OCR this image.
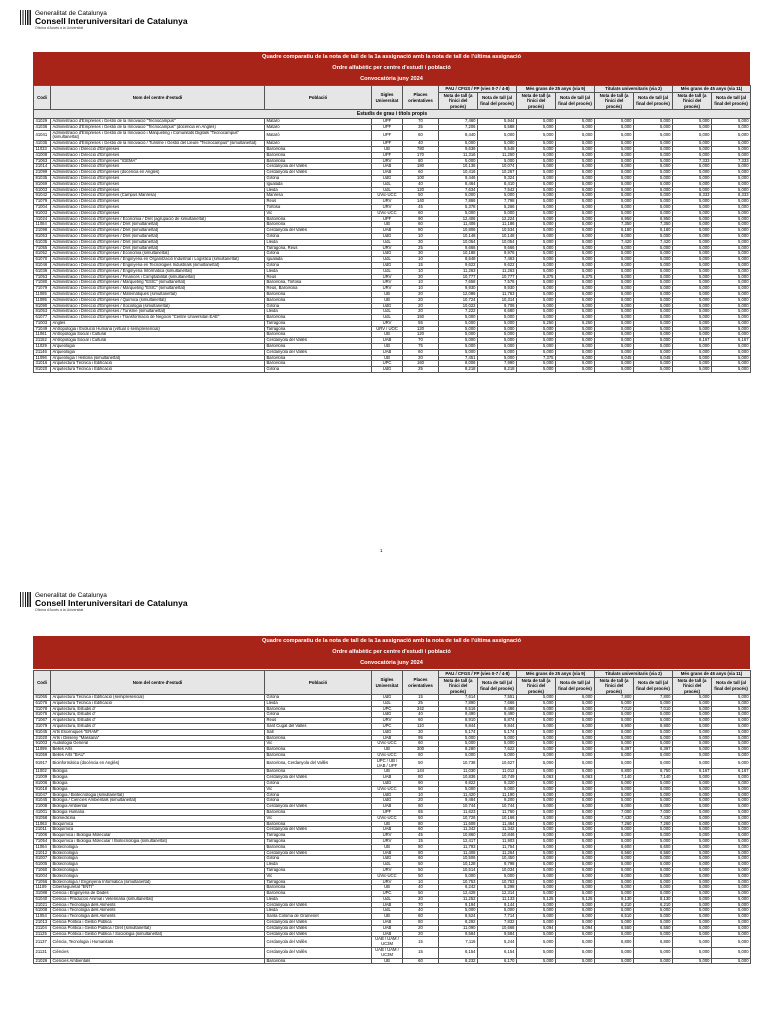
Generalitat de Catalunya
Consell Interuniversitari de Catalunya
Oficina d'Accés a la Universitat
Quadre comparatiu de la nota de tall de la 1a assignació amb la nota de tall de l'última assignació
Ordre alfabètic per centre d'estudi i població
Convocatòria juny 2024
Codi	Nom del centre d'estudi	Població	Sigles Universitat	Places orientatives	PAU / CFGS / FP (vies 0-7 / 4-8)		Més grans de 25 anys (via 9)		Titulats universitaris (via 2)		Més grans de 45 anys (via 11)	
					Nota de tall (a l'inici del procés)	Nota de tall (al final del procés)	Nota de tall (a l'inici del procés)	Nota de tall (al final del procés)	Nota de tall (a l'inici del procés)	Nota de tall (al final del procés)	Nota de tall (a l'inici del procés)	Nota de tall (al final del procés)
Estudis de grau i títols propis												
41029	Administració d'Empreses i Gestió de la Innovació "Tecnocampus"	Mataró	UPF	70	7,460	5,944	5,000	5,000	5,000	5,000	5,000	5,000
41036	Administració d'Empreses i Gestió de la Innovació "Tecnocampus" (docència en Anglès)	Mataró	UPF	35	7,206	5,588	5,000	5,000	5,000	5,000	5,000	5,000
41041	Administració d'Empreses i Gestió de la Innovació i Màrqueting i Comunitats Digitals "Tecnocampus" (simultaneïtat)	Mataró	UPF	60	8,440	5,000	5,000	5,000	5,000	5,000	5,000	5,000
41035	Administració d'Empreses i Gestió de la Innovació / Turisme i Gestió del Lleure "Tecnocampus" (simultaneïtat)	Mataró	UPF	40	5,000	5,000	5,000	5,000	5,000	5,000	5,000	5,000
11033	Administració i Direcció d'Empreses	Barcelona	UB	780	9,636	9,548	5,000	5,000	5,000	5,000	5,000	5,000
41008	Administració i Direcció d'Empreses	Barcelona	UPF	170	11,316	11,250	5,000	5,000	5,000	5,000	5,000	5,000
71063	Administració i Direcció d'Empreses "IGEMA"	Barcelona	URV	80	5,000	5,000	5,000	5,000	5,000	5,000	7,333	7,333
21014	Administració i Direcció d'Empreses	Cerdanyola del Vallès	UAB	180	10,136	10,074	5,000	5,000	5,000	5,000	5,000	5,000
21099	Administració i Direcció d'Empreses (docència en Anglès)	Cerdanyola del Vallès	UAB	60	10,416	10,267	5,000	5,000	5,000	5,000	5,000	5,000
81035	Administració i Direcció d'Empreses	Girona	UdG	100	9,446	9,324	5,000	5,000	5,000	5,000	5,000	5,000
81069	Administració i Direcció d'Empreses	Igualada	UdL	40	8,464	8,410	5,000	5,000	5,000	5,000	5,000	5,000
61003	Administració i Direcció d'Empreses	Lleida	UdL	120	7,634	7,542	5,000	5,000	5,000	5,000	5,000	5,000
91042	Administració i Direcció d'Empreses (Campus Manresa)	Manresa	UVic-UCC	50	5,000	5,000	5,000	5,000	5,000	5,000	8,333	8,333
71079	Administració i Direcció d'Empreses	Reus	URV	140	7,866	7,798	5,000	5,000	5,000	5,000	5,000	5,000
71004	Administració i Direcció d'Empreses	Tortosa	URV	45	5,378	5,266	5,000	5,000	5,000	5,000	5,000	5,000
91003	Administració i Direcció d'Empreses	Vic	UVic-UCC	60	5,000	5,000	5,000	5,000	5,000	5,000	5,000	5,000
41024	Administració i Direcció d'Empreses / Economia / Dret (agrupació de simultaneïtat)	Barcelona	UPF	90	12,406	12,224	5,000	5,000	6,950	6,950	5,000	5,000
11084	Administració i Direcció d'Empreses / Dret (simultaneïtat)	Barcelona	UB	60	11,406	11,186	5,000	5,000	7,350	7,350	5,000	5,000
21098	Administració i Direcció d'Empreses / Dret (simultaneïtat)	Cerdanyola del Vallès	UAB	80	10,806	10,534	5,000	5,000	6,180	6,180	5,000	5,000
81053	Administració i Direcció d'Empreses / Dret (simultaneïtat)	Girona	UdG	10	10,148	10,148	5,000	5,000	5,000	5,000	5,000	5,000
61035	Administració i Direcció d'Empreses / Dret (simultaneïtat)	Lleida	UdL	30	10,054	10,054	5,000	5,000	7,420	7,420	5,000	5,000
71055	Administració i Direcció d'Empreses / Dret (simultaneïtat)	Tarragona, Reus	URV	25	9,666	9,666	5,000	5,000	5,000	5,000	5,000	5,000
81052	Administració i Direcció d'Empreses / Economia (simultaneïtat)	Girona	UdG	30	10,188	9,976	5,000	5,000	5,000	5,000	5,000	5,000
61070	Administració i Direcció d'Empreses / Enginyeria en Organització Industrial i Logística (simultaneïtat)	Igualada	UdL	10	8,648	7,463	5,000	5,000	5,000	5,000	5,000	5,000
81046	Administració i Direcció d'Empreses / Enginyeria en Tecnologies Industrials (simultaneïtat)	Girona	UdG	15	9,622	9,622	5,000	5,000	5,000	5,000	5,000	5,000
61036	Administració i Direcció d'Empreses / Enginyeria Informàtica (simultaneïtat)	Lleida	UdL	10	11,263	11,263	5,000	5,000	5,000	5,000	5,000	5,000
71053	Administració i Direcció d'Empreses / Finances i Comptabilitat (simultaneïtat)	Reus	URV	30	10,777	10,777	5,375	5,375	5,000	5,000	5,000	5,000
71080	Administració i Direcció d'Empreses / Màrqueting "ESIC" (simultaneïtat)	Barcelona, Tortosa	URV	10	7,658	7,576	5,000	5,000	5,000	5,000	5,000	5,000
71079	Administració i Direcció d'Empreses / Màrqueting "ESIC" (simultaneïtat)	Reus, Barcelona	URV	10	9,930	9,930	5,000	5,000	5,000	5,000	5,000	5,000
11085	Administració i Direcció d'Empreses / Matemàtiques (simultaneïtat)	Barcelona	UB	20	12,086	11,763	5,000	5,000	5,000	5,000	5,000	5,000
11095	Administració i Direcció d'Empreses / Química (simultaneïtat)	Barcelona	UB	20	10,724	10,314	5,000	5,000	5,000	5,000	5,000	5,000
81090	Administració i Direcció d'Empreses / Sociologia (simultaneïtat)	Girona	UdG	20	10,022	9,706	5,000	5,000	5,000	5,000	5,000	5,000
81053	Administració i Direcció d'Empreses / Turisme (simultaneïtat)	Lleida	UdL	20	7,222	6,680	5,000	5,000	5,000	5,000	5,000	5,000
61077	Administració i Direcció d'Empreses i Transformació de Negocis "Centre Universitari EAE"	Barcelona	UdL	150	5,000	5,000	5,000	5,000	5,000	5,000	5,000	5,000
71003	Anglès	Tarragona	URV	55	5,000	5,000	5,250	5,250	5,000	5,000	5,000	5,000
71049	Antropologia i Evolució Humana (virtual o semipresencial)	Tarragona	URV / UOC	120	5,000	5,000	5,000	5,000	5,000	5,000	5,000	5,000
11061	Antropologia Social i Cultural	Barcelona	UB	120	5,000	5,000	5,000	5,000	5,000	5,000	5,000	5,000
21152	Antropologia Social i Cultural	Cerdanyola del Vallès	UAB	70	5,000	5,000	5,000	5,000	5,000	5,000	6,167	6,167
11029	Arqueologia	Barcelona	UB	75	5,000	5,000	5,000	5,000	5,000	5,000	5,000	5,000
21146	Arqueologia	Cerdanyola del Vallès	UAB	60	5,000	5,000	5,000	5,000	5,000	5,000	5,000	5,000
11096	Arqueologia / Història (simultaneïtat)	Barcelona	UB	20	7,451	5,000	7,375	5,000	6,045	6,045	5,000	5,000
31016	Arquitectura Tècnica i Edificació	Barcelona	UPC	160	8,006	7,990	5,000	5,000	5,000	5,000	5,000	5,000
81020	Arquitectura Tècnica i Edificació	Girona	UdG	25	8,218	8,218	5,000	5,000	5,000	5,000	5,000	5,000
1
Generalitat de Catalunya
Consell Interuniversitari de Catalunya
Oficina d'Accés a la Universitat
Quadre comparatiu de la nota de tall de la 1a assignació amb la nota de tall de l'última assignació
Ordre alfabètic per centre d'estudi i població
Convocatòria juny 2024
Codi	Nom del centre d'estudi	Població	Sigles Universitat	Places orientatives	PAU / CFGS / FP (vies 0-7 / 4-8)		Més grans de 25 anys (via 9)		Titulats universitaris (via 2)		Més grans de 45 anys (via 11)	
					Nota de tall (a l'inici del procés)	Nota de tall (al final del procés)	Nota de tall (a l'inici del procés)	Nota de tall (al final del procés)	Nota de tall (a l'inici del procés)	Nota de tall (al final del procés)	Nota de tall (a l'inici del procés)	Nota de tall (al final del procés)
81065	Arquitectura Tècnica i Edificació (semipresencial)	Girona	UdG	15	7,614	7,551	5,000	5,000	7,800	7,800	5,000	5,000
61076	Arquitectura Tècnica i Edificació	Lleida	UdL	25	7,890	7,666	5,000	5,000	5,000	5,000	5,000	5,000
31078	Arquitectura, Estudis d'	Barcelona	UPC	342	9,516	9,486	5,000	5,000	7,010	7,010	5,000	5,000
81076	Arquitectura, Estudis d'	Girona	UdG	40	9,490	9,490	5,000	5,000	5,000	5,000	5,000	5,000
71067	Arquitectura, Estudis d'	Reus	URV	60	8,910	8,874	5,000	5,000	5,000	5,000	5,000	5,000
31079	Arquitectura, Estudis d'	Sant Cugat del Vallès	UPC	110	9,844	9,844	5,000	5,000	6,900	6,900	5,000	5,000
91045	Arts Escèniques "ERAM"	Salt	UdG	30	5,174	5,174	5,000	5,000	5,000	5,000	5,000	5,000
21020	Arts i Disseny "Massana"	Barcelona	UAB	95	5,000	5,000	5,000	5,000	5,000	5,000	5,000	5,000
91003	Audiologia General	Vic	UVic-UCC	60	5,000	5,000	5,000	5,000	5,000	5,000	5,000	5,000
11099	Belles Arts	Barcelona	UB	300	8,280	7,622	5,000	5,000	6,397	6,397	5,000	5,000
91059	Belles Arts "BAU"	Barcelona	UVic-UCC	60	5,000	5,000	5,000	5,000	5,000	5,000	5,000	5,000
91917	Bioinformàtica (docència en Anglès)	Barcelona, Cerdanyola del Vallès	UPC / UB / UAB / UPF	50	10,738	10,627	5,000	5,000	5,000	5,000	5,000	5,000
11002	Biologia	Barcelona	UB	144	11,030	11,012	5,000	5,000	6,800	6,750	6,167	6,167
21009	Biologia	Cerdanyola del Vallès	UAB	80	10,836	10,749	5,063	5,063	7,140	7,140	5,000	5,000
81006	Biologia	Girona	UdG	90	9,822	9,320	5,000	5,000	5,000	5,000	5,000	5,000
91018	Biologia	Vic	UVic-UCC	50	5,000	5,000	5,000	5,000	5,000	5,000	5,000	5,000
81047	Biologia / Biotecnologia (simultaneïtat)	Girona	UdG	10	11,420	11,190	5,000	5,000	5,000	5,000	5,000	5,000
81045	Biologia / Ciències Ambientals (simultaneïtat)	Girona	UdG	20	9,484	9,200	5,000	5,000	5,000	5,000	5,000	5,000
21008	Biologia Ambiental	Cerdanyola del Vallès	UAB	60	10,744	10,744	5,000	5,000	5,000	5,000	5,000	5,000
41001	Biologia Humana	Barcelona	UPF	65	11,623	11,760	5,000	5,000	7,000	7,000	5,000	5,000
91058	Biomedicina	Vic	UVic-UCC	50	10,726	10,166	5,000	5,000	7,430	7,430	5,000	5,000
11063	Bioquímica	Barcelona	UB	80	11,608	11,464	5,000	5,000	7,260	7,260	5,000	5,000
21011	Bioquímica	Cerdanyola del Vallès	UAB	60	11,342	11,342	5,000	5,000	5,000	5,000	5,000	5,000
71006	Bioquímica i Biologia Molecular	Tarragona	URV	45	10,860	10,846	5,000	5,000	5,000	5,000	5,000	5,000
71054	Bioquímica i Biologia Molecular / Biotecnologia (simultaneïtat)	Tarragona	URV	15	12,417	11,903	5,000	5,000	5,000	5,000	5,000	5,000
11064	Biotecnologia	Barcelona	UB	80	11,793	11,754	5,000	5,000	6,600	6,600	5,000	5,000
21012	Biotecnologia	Cerdanyola del Vallès	UAB	80	11,408	11,264	5,000	5,000	6,560	6,560	5,000	5,000
81007	Biotecnologia	Girona	UdG	60	10,506	10,450	5,000	5,000	5,000	5,000	5,000	5,000
61005	Biotecnologia	Lleida	UdL	50	10,128	9,798	5,000	5,000	5,000	5,000	5,000	5,000
71060	Biotecnologia	Tarragona	URV	50	10,514	10,034	5,000	5,000	5,000	5,000	5,000	5,000
91004	Biotecnologia	Vic	UVic-UCC	50	5,000	5,000	5,000	5,000	5,000	5,000	5,000	5,000
71056	Biotecnologia / Enginyeria Informàtica (simultaneïtat)	Tarragona	URV	10	10,753	10,753	5,000	5,000	5,000	5,000	5,000	5,000
11109	Ciberseguretat "ENTI"	Barcelona	UB	40	6,242	5,298	5,000	5,000	5,000	5,000	5,000	5,000
31088	Ciència i Enginyeria de Dades	Barcelona	UPC	50	12,428	12,314	5,000	5,000	5,000	5,000	5,000	5,000
61040	Ciència i Producció Animal i Veterinària (simultaneïtat)	Lleida	UdL	20	11,252	11,133	5,125	5,125	9,130	8,130	5,000	5,000
21021	Ciència i Tecnologia dels Aliments	Cerdanyola del Vallès	UAB	70	9,194	9,144	5,000	5,000	6,210	6,210	5,000	5,000
61008	Ciència i Tecnologia dels Aliments	Lleida	UdL	40	5,000	5,000	5,000	5,000	5,000	5,000	5,000	5,000
11054	Ciència i Tecnologia dels Aliments	Santa Coloma de Gramenet	UB	80	8,524	7,714	5,000	5,000	6,510	5,000	5,000	5,000
21013	Ciència Política i Gestió Pública	Cerdanyola del Vallès	UAB	80	8,292	7,832	5,000	5,000	5,000	5,000	5,000	5,000
21104	Ciència Política i Gestió Pública / Dret (simultaneïtat)	Cerdanyola del Vallès	UAB	20	11,090	10,668	5,094	5,094	6,550	6,550	5,000	5,000
21125	Ciència Política i Gestió Pública / Sociologia (simultaneïtat)	Cerdanyola del Vallès	UAB	20	9,584	9,584	5,000	5,000	5,000	5,000	5,000	5,000
21137	Ciència, Tecnologia i Humanitats	Cerdanyola del Vallès	UAB / UAM / UC3M	15	7,116	5,244	5,000	5,000	6,800	6,800	5,000	5,000
21131	Ciències	Cerdanyola del Vallès	UAB / UAM / UC3M	15	6,154	6,154	5,000	5,000	5,000	5,000	5,000	5,000
21026	Ciències Ambientals	Barcelona	UB	60	8,232	6,170	5,000	5,000	5,000	5,000	5,000	5,000
